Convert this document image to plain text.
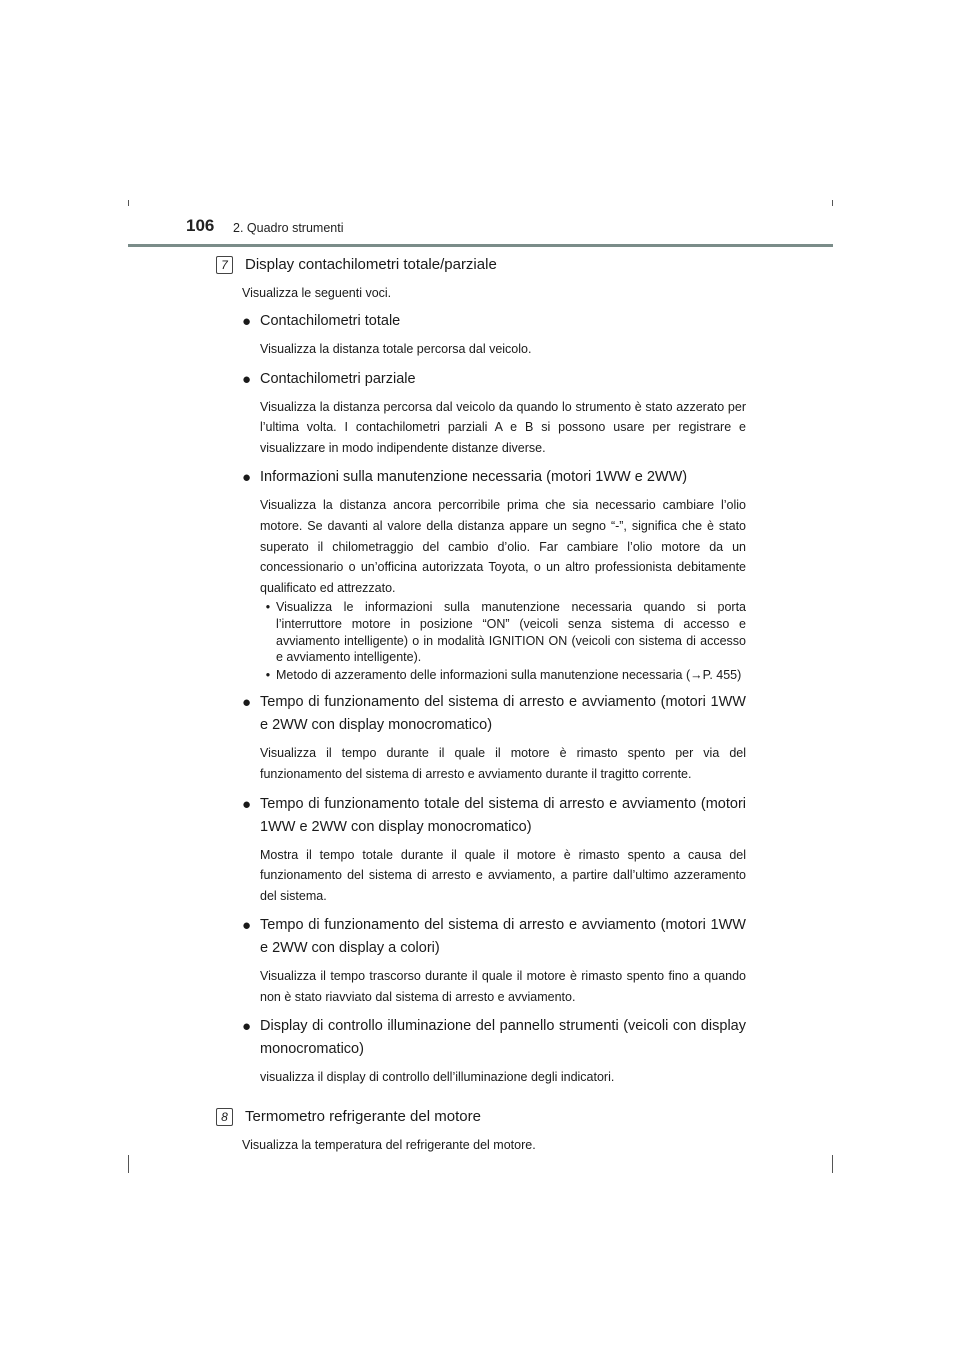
106 2. Quadro strumenti
7	Display contachilometri totale/parziale
Visualizza le seguenti voci.
● Contachilometri totale
Visualizza la distanza totale percorsa dal veicolo.
● Contachilometri parziale
Visualizza la distanza percorsa dal veicolo da quando lo strumento è stato azzerato per l’ultima volta. I contachilometri parziali A e B si possono usare per registrare e visualizzare in modo indipendente distanze diverse.
● Informazioni sulla manutenzione necessaria (motori 1WW e 2WW)
Visualizza la distanza ancora percorribile prima che sia necessario cambiare l’olio motore. Se davanti al valore della distanza appare un segno “-”, significa che è stato superato il chilometraggio del cambio d’olio. Far cambiare l’olio motore da un concessionario o un’officina autorizzata Toyota, o un altro professionista debitamente qualificato ed attrezzato.
• Visualizza le informazioni sulla manutenzione necessaria quando si porta l’interruttore motore in posizione “ON” (veicoli senza sistema di accesso e avviamento intelligente) o in modalità IGNITION ON (veicoli con sistema di accesso e avviamento intelligente).
• Metodo di azzeramento delle informazioni sulla manutenzione necessaria (→P. 455)
● Tempo di funzionamento del sistema di arresto e avviamento (motori 1WW e 2WW con display monocromatico)
Visualizza il tempo durante il quale il motore è rimasto spento per via del funzionamento del sistema di arresto e avviamento durante il tragitto corrente.
● Tempo di funzionamento totale del sistema di arresto e avviamento (motori 1WW e 2WW con display monocromatico)
Mostra il tempo totale durante il quale il motore è rimasto spento a causa del funzionamento del sistema di arresto e avviamento, a partire dall’ultimo azzeramento del sistema.
● Tempo di funzionamento del sistema di arresto e avviamento (motori 1WW e 2WW con display a colori)
Visualizza il tempo trascorso durante il quale il motore è rimasto spento fino a quando non è stato riavviato dal sistema di arresto e avviamento.
● Display di controllo illuminazione del pannello strumenti (veicoli con display monocromatico)
visualizza il display di controllo dell’illuminazione degli indicatori.
8	Termometro refrigerante del motore
Visualizza la temperatura del refrigerante del motore.
